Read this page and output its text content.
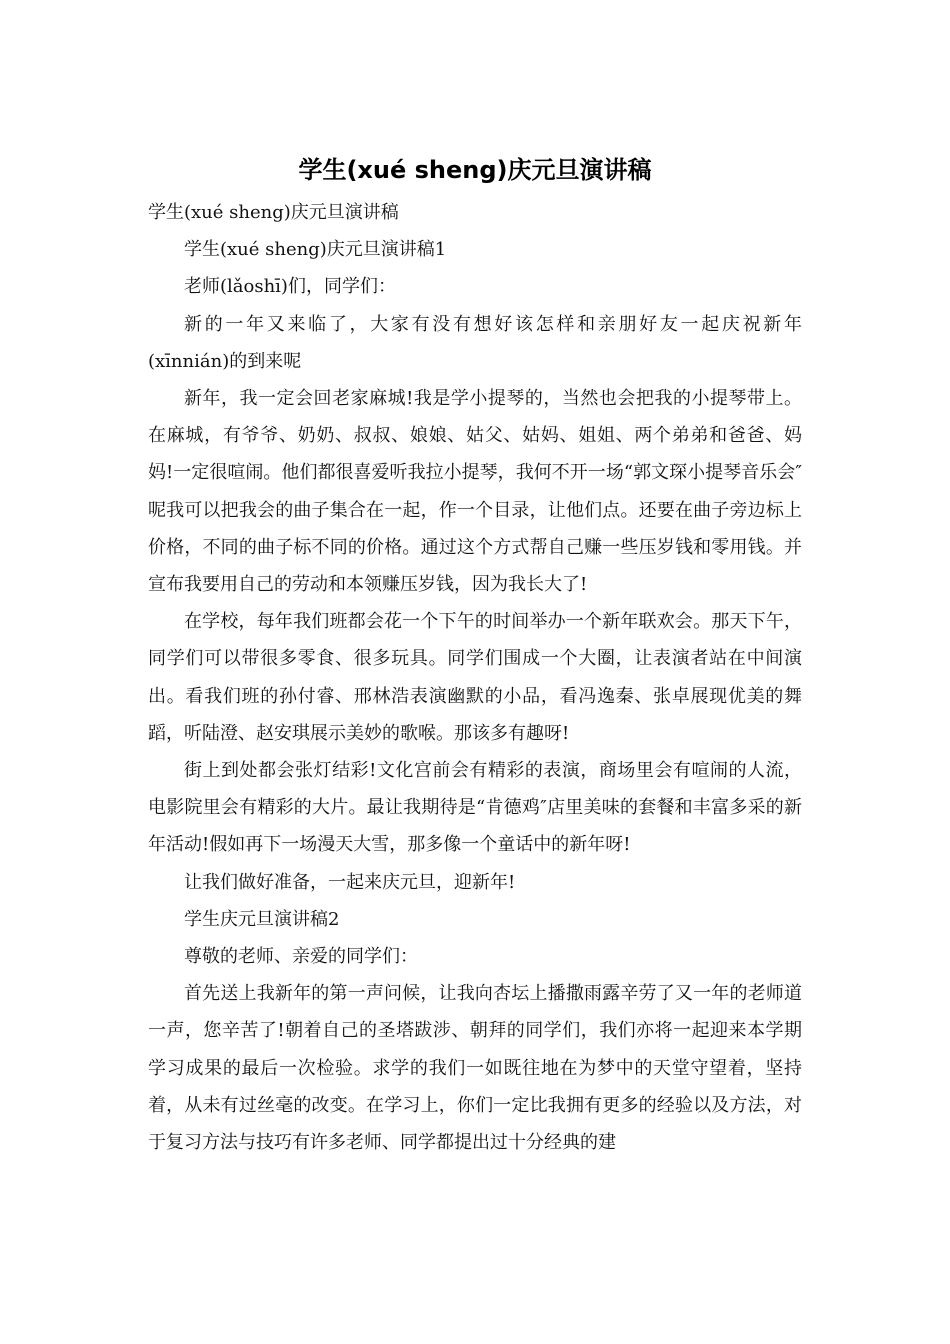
学生(xué sheng)庆元旦演讲稿

学生(xué sheng)庆元旦演讲稿

学生(xué sheng)庆元旦演讲稿1

老师(lǎoshī)们，同学们：

新的一年又来临了，大家有没有想好该怎样和亲朋好友一起庆祝新年(xīnnián)的到来呢

新年，我一定会回老家麻城!我是学小提琴的，当然也会把我的小提琴带上。在麻城，有爷爷、奶奶、叔叔、娘娘、姑父、姑妈、姐姐、两个弟弟和爸爸、妈妈!一定很喧闹。他们都很喜爱听我拉小提琴，我何不开一场“郭文琛小提琴音乐会″呢我可以把我会的曲子集合在一起，作一个目录，让他们点。还要在曲子旁边标上价格，不同的曲子标不同的价格。通过这个方式帮自己赚一些压岁钱和零用钱。并宣布我要用自己的劳动和本领赚压岁钱，因为我长大了!

在学校，每年我们班都会花一个下午的时间举办一个新年联欢会。那天下午，同学们可以带很多零食、很多玩具。同学们围成一个大圈，让表演者站在中间演出。看我们班的孙付睿、邢林浩表演幽默的小品，看冯逸秦、张卓展现优美的舞蹈，听陆澄、赵安琪展示美妙的歌喉。那该多有趣呀!

街上到处都会张灯结彩!文化宫前会有精彩的表演，商场里会有喧闹的人流，电影院里会有精彩的大片。最让我期待是“肯德鸡″店里美味的套餐和丰富多采的新年活动!假如再下一场漫天大雪，那多像一个童话中的新年呀!

让我们做好准备，一起来庆元旦，迎新年!

学生庆元旦演讲稿2

尊敬的老师、亲爱的同学们：

首先送上我新年的第一声问候，让我向杏坛上播撒雨露辛劳了又一年的老师道一声，您辛苦了!朝着自己的圣塔跋涉、朝拜的同学们，我们亦将一起迎来本学期学习成果的最后一次检验。求学的我们一如既往地在为梦中的天堂守望着，坚持着，从未有过丝毫的改变。在学习上，你们一定比我拥有更多的经验以及方法，对于复习方法与技巧有许多老师、同学都提出过十分经典的建
